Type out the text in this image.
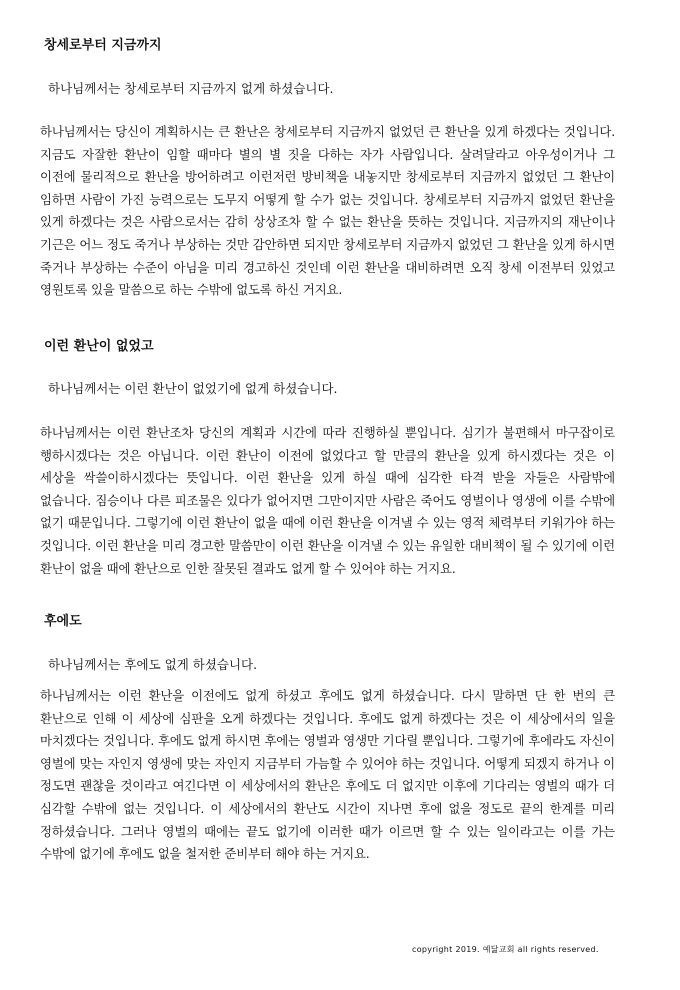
창세로부터 지금까지

하나님께서는 창세로부터 지금까지 없게 하셨습니다.

하나님께서는 당신이 계획하시는 큰 환난은 창세로부터 지금까지 없었던 큰 환난을 있게 하겠다는 것입니다. 지금도 자잘한 환난이 임할 때마다 별의 별 짓을 다하는 자가 사람입니다. 살려달라고 아우성이거나 그 이전에 물리적으로 환난을 방어하려고 이런저런 방비책을 내놓지만 창세로부터 지금까지 없었던 그 환난이 임하면 사람이 가진 능력으로는 도무지 어떻게 할 수가 없는 것입니다. 창세로부터 지금까지 없었던 환난을 있게 하겠다는 것은 사람으로서는 감히 상상조차 할 수 없는 환난을 뜻하는 것입니다. 지금까지의 재난이나 기근은 어느 정도 죽거나 부상하는 것만 감안하면 되지만 창세로부터 지금까지 없었던 그 환난을 있게 하시면 죽거나 부상하는 수준이 아님을 미리 경고하신 것인데 이런 환난을 대비하려면 오직 창세 이전부터 있었고 영원토록 있을 말씀으로 하는 수밖에 없도록 하신 거지요.

이런 환난이 없었고

하나님께서는 이런 환난이 없었기에 없게 하셨습니다.

하나님께서는 이런 환난조차 당신의 계획과 시간에 따라 진행하실 뿐입니다. 심기가 불편해서 마구잡이로 행하시겠다는 것은 아닙니다. 이런 환난이 이전에 없었다고 할 만큼의 환난을 있게 하시겠다는 것은 이 세상을 싹쓸이하시겠다는 뜻입니다. 이런 환난을 있게 하실 때에 심각한 타격 받을 자들은 사람밖에 없습니다. 짐승이나 다른 피조물은 있다가 없어지면 그만이지만 사람은 죽어도 영벌이나 영생에 이를 수밖에 없기 때문입니다. 그렇기에 이런 환난이 없을 때에 이런 환난을 이겨낼 수 있는 영적 체력부터 키워가야 하는 것입니다. 이런 환난을 미리 경고한 말씀만이 이런 환난을 이겨낼 수 있는 유일한 대비책이 될 수 있기에 이런 환난이 없을 때에 환난으로 인한 잘못된 결과도 없게 할 수 있어야 하는 거지요.

후에도

하나님께서는 후에도 없게 하셨습니다.

하나님께서는 이런 환난을 이전에도 없게 하셨고 후에도 없게 하셨습니다. 다시 말하면 단 한 번의 큰 환난으로 인해 이 세상에 심판을 오게 하겠다는 것입니다. 후에도 없게 하겠다는 것은 이 세상에서의 일을 마치겠다는 것입니다. 후에도 없게 하시면 후에는 영벌과 영생만 기다릴 뿐입니다. 그렇기에 후에라도 자신이 영벌에 맞는 자인지 영생에 맞는 자인지 지금부터 가늠할 수 있어야 하는 것입니다. 어떻게 되겠지 하거나 이 정도면 괜찮을 것이라고 여긴다면 이 세상에서의 환난은 후에도 더 없지만 이후에 기다리는 영벌의 때가 더 심각할 수밖에 없는 것입니다. 이 세상에서의 환난도 시간이 지나면 후에 없을 정도로 끝의 한계를 미리 정하셨습니다. 그러나 영벌의 때에는 끝도 없기에 이러한 때가 이르면 할 수 있는 일이라고는 이를 가는 수밖에 없기에 후에도 없을 철저한 준비부터 해야 하는 거지요.

copyright 2019. 예닮교회 all rights reserved.
